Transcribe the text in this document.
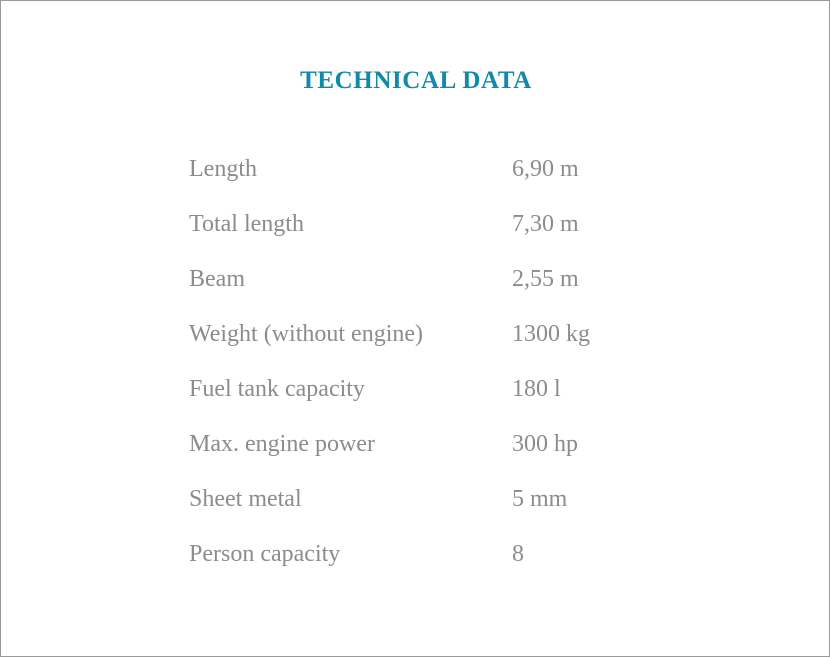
TECHNICAL DATA
Length	6,90 m
Total length	7,30 m
Beam	2,55 m
Weight (without engine)	1300 kg
Fuel tank capacity	180 l
Max. engine power	300 hp
Sheet metal	5 mm
Person capacity	8
